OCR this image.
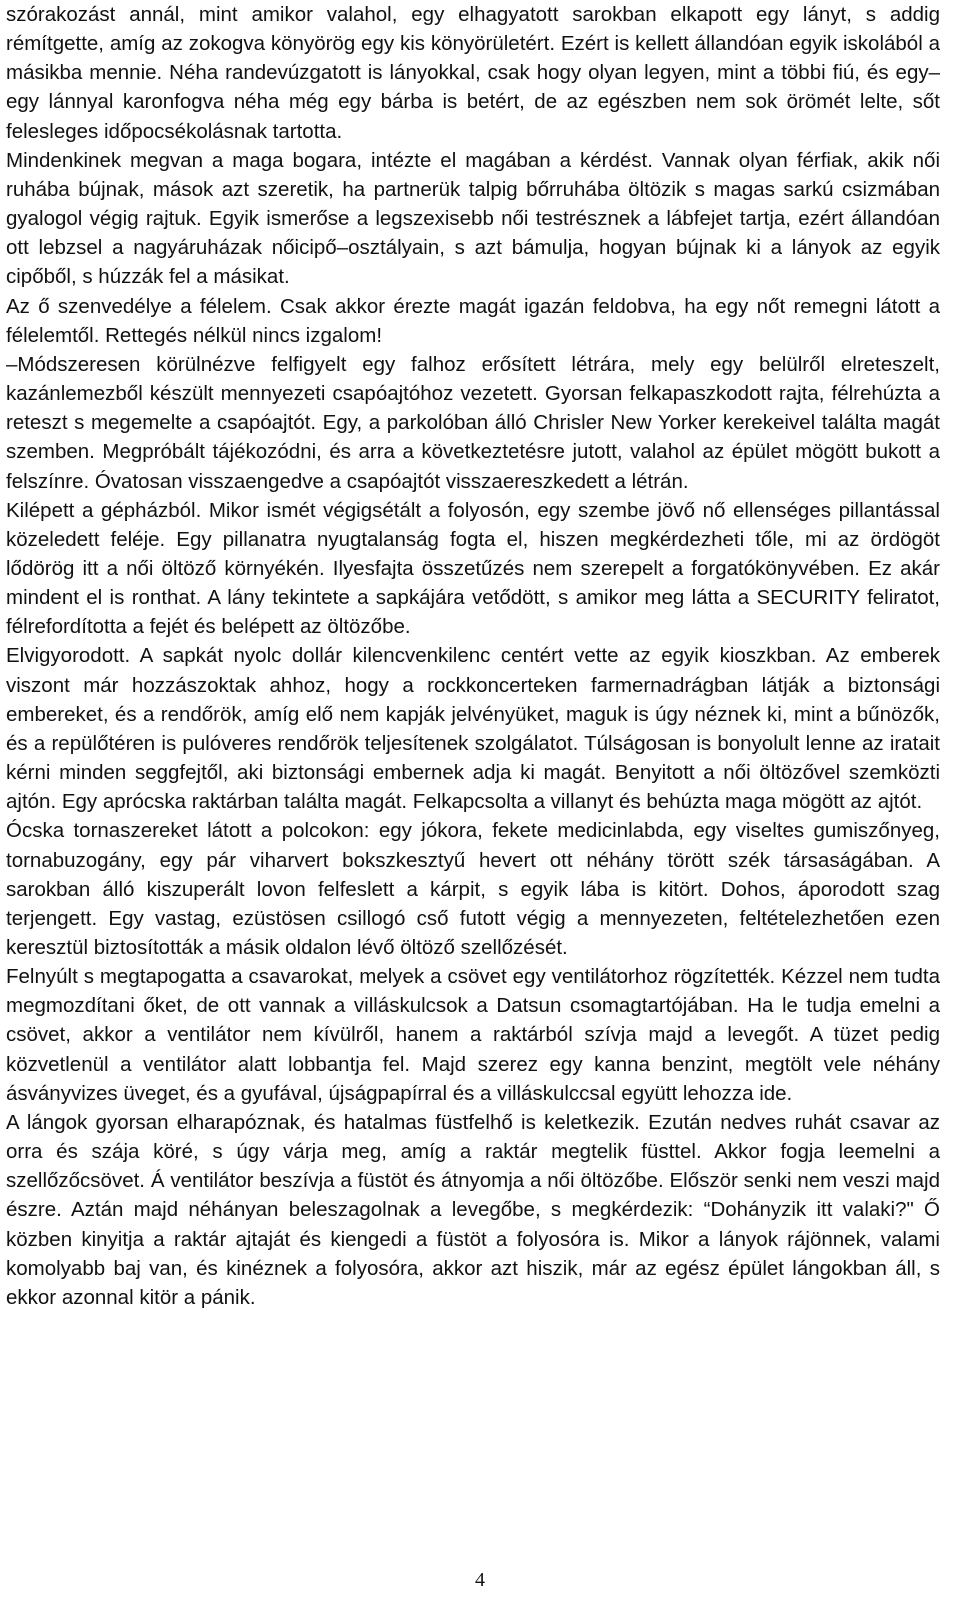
szórakozást annál, mint amikor valahol, egy elhagyatott sarokban elkapott egy lányt, s addig rémítgette, amíg az zokogva könyörög egy kis könyörületért. Ezért is kellett állandóan egyik iskolából a másikba mennie. Néha randevúzgatott is lányokkal, csak hogy olyan legyen, mint a többi fiú, és egy–egy lánnyal karonfogva néha még egy bárba is betért, de az egészben nem sok örömét lelte, sőt felesleges időpocsékolásnak tartotta.

Mindenkinek megvan a maga bogara, intézte el magában a kérdést. Vannak olyan férfiak, akik női ruhába bújnak, mások azt szeretik, ha partnerük talpig bőrruhába öltözik s magas sarkú csizmában gyalogol végig rajtuk. Egyik ismerőse a legszexisebb női testrésznek a lábfejet tartja, ezért állandóan ott lebzsel a nagyáruházak nőicipő–osztályain, s azt bámulja, hogyan bújnak ki a lányok az egyik cipőből, s húzzák fel a másikat.

Az ő szenvedélye a félelem. Csak akkor érezte magát igazán feldobva, ha egy nőt remegni látott a félelemtől. Rettegés nélkül nincs izgalom!

–Módszeresen körülnézve felfigyelt egy falhoz erősített létrára, mely egy belülről elreteszelt, kazánlemezből készült mennyezeti csapóajtóhoz vezetett. Gyorsan felkapaszkodott rajta, félrehúzta a reteszt s megemelte a csapóajtót. Egy, a parkolóban álló Chrisler New Yorker kerekeivel találta magát szemben. Megpróbált tájékozódni, és arra a következtetésre jutott, valahol az épület mögött bukott a felszínre. Óvatosan visszaengedve a csapóajtót visszaereszkedett a létrán.

Kilépett a gépházból. Mikor ismét végigsétált a folyosón, egy szembe jövő nő ellenséges pillantással közeledett feléje. Egy pillanatra nyugtalanság fogta el, hiszen megkérdezheti tőle, mi az ördögöt lődörög itt a női öltöző környékén. Ilyesfajta összetűzés nem szerepelt a forgatókönyvében. Ez akár mindent el is ronthat. A lány tekintete a sapkájára vetődött, s amikor meg látta a SECURITY feliratot, félrefordította a fejét és belépett az öltözőbe.

Elvigyorodott. A sapkát nyolc dollár kilencvenkilenc centért vette az egyik kioszkban. Az emberek viszont már hozzászoktak ahhoz, hogy a rockkoncerteken farmernadrágban látják a biztonsági embereket, és a rendőrök, amíg elő nem kapják jelvényüket, maguk is úgy néznek ki, mint a bűnözők, és a repülőtéren is pulóveres rendőrök teljesítenek szolgálatot. Túlságosan is bonyolult lenne az iratait kérni minden seggfejtől, aki biztonsági embernek adja ki magát. Benyitott a női öltözővel szemközti ajtón. Egy aprócska raktárban találta magát. Felkapcsolta a villanyt és behúzta maga mögött az ajtót.

Ócska tornaszereket látott a polcokon: egy jókora, fekete medicinlabda, egy viseltes gumiszőnyeg, tornabuzogány, egy pár viharvert bokszkesztyű hevert ott néhány törött szék társaságában. A sarokban álló kiszuperált lovon felfeslett a kárpit, s egyik lába is kitört. Dohos, áporodott szag terjengett. Egy vastag, ezüstösen csillogó cső futott végig a mennyezeten, feltételezhetően ezen keresztül biztosították a másik oldalon lévő öltöző szellőzését.

Felnyúlt s megtapogatta a csavarokat, melyek a csövet egy ventilátorhoz rögzítették. Kézzel nem tudta megmozdítani őket, de ott vannak a villáskulcsok a Datsun csomagtartójában. Ha le tudja emelni a csövet, akkor a ventilátor nem kívülről, hanem a raktárból szívja majd a levegőt. A tüzet pedig közvetlenül a ventilátor alatt lobbantja fel. Majd szerez egy kanna benzint, megtölt vele néhány ásványvizes üveget, és a gyufával, újságpapírral és a villáskulccsal együtt lehozza ide.

A lángok gyorsan elharapóznak, és hatalmas füstfelhő is keletkezik. Ezután nedves ruhát csavar az orra és szája köré, s úgy várja meg, amíg a raktár megtelik füsttel. Akkor fogja leemelni a szellőzőcsövet. Á ventilátor beszívja a füstöt és átnyomja a női öltözőbe. Először senki nem veszi majd észre. Aztán majd néhányan beleszagolnak a levegőbe, s megkérdezik: “Dohányzik itt valaki?" Ő közben kinyitja a raktár ajtaját és kiengedi a füstöt a folyosóra is. Mikor a lányok rájönnek, valami komolyabb baj van, és kinéznek a folyosóra, akkor azt hiszik, már az egész épület lángokban áll, s ekkor azonnal kitör a pánik.

4
